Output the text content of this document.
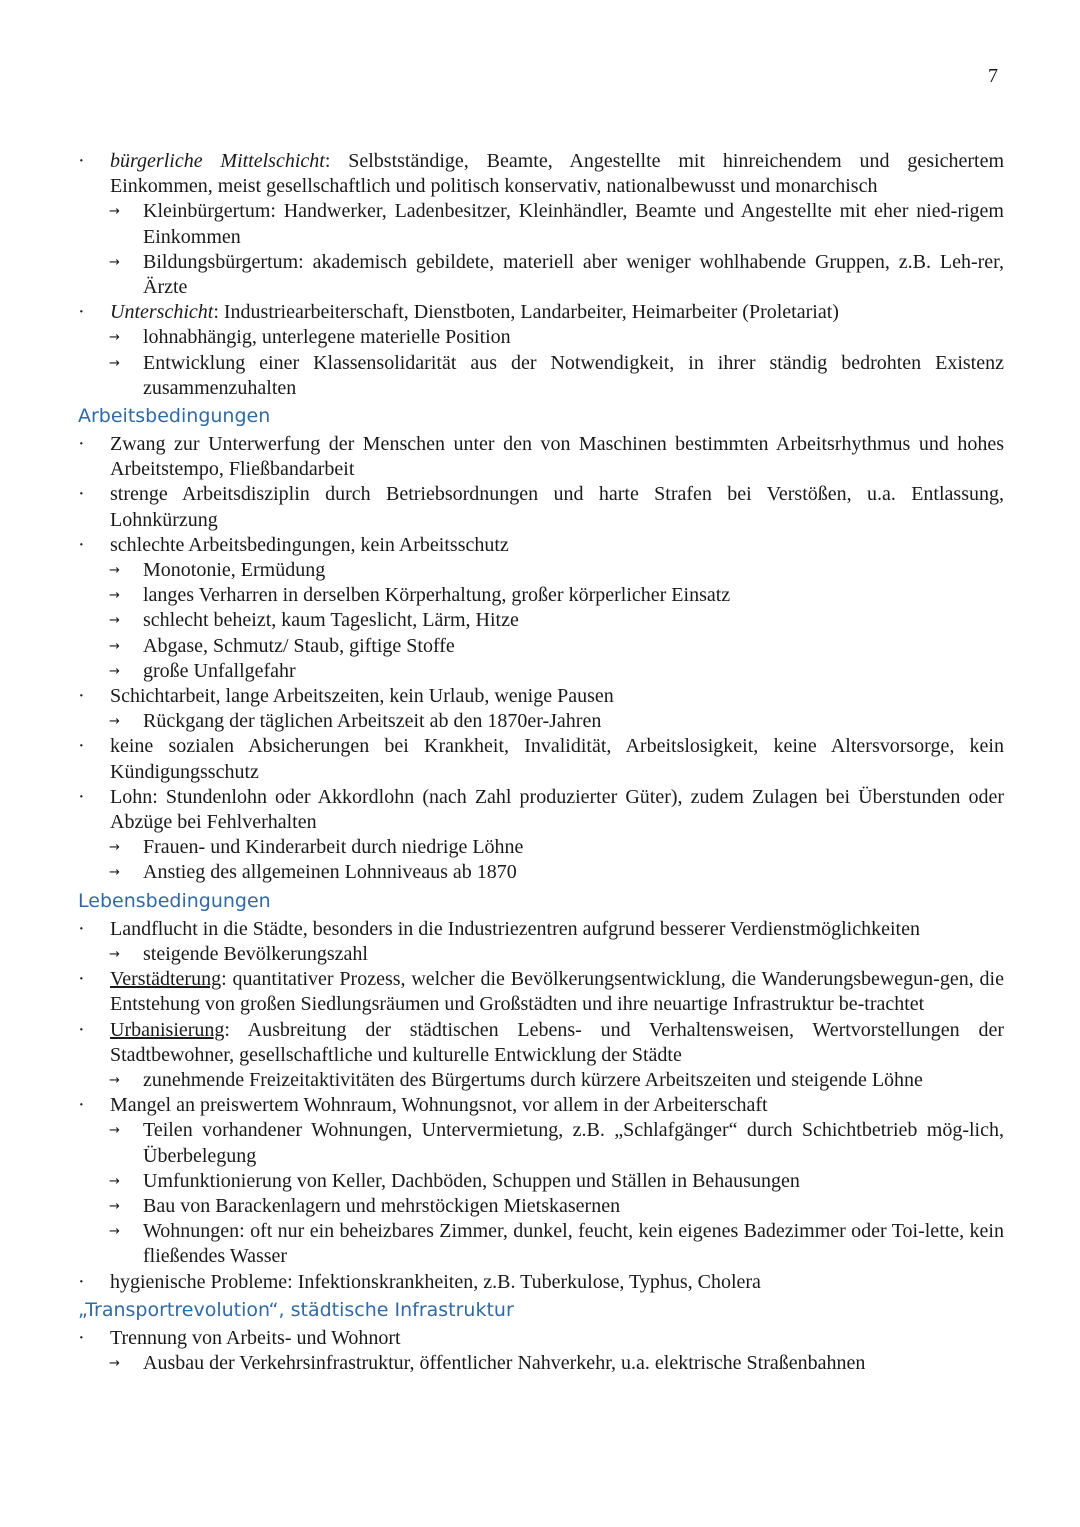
7
· bürgerliche Mittelschicht: Selbstständige, Beamte, Angestellte mit hinreichendem und gesichertem Einkommen, meist gesellschaftlich und politisch konservativ, nationalbewusst und monarchisch
→ Kleinbürgertum: Handwerker, Ladenbesitzer, Kleinhändler, Beamte und Angestellte mit eher nied-rigem Einkommen
→ Bildungsbürgertum: akademisch gebildete, materiell aber weniger wohlhabende Gruppen, z.B. Leh-rer, Ärzte
· Unterschicht: Industriearbeiterschaft, Dienstboten, Landarbeiter, Heimarbeiter (Proletariat)
→ lohnabhängig, unterlegene materielle Position
→ Entwicklung einer Klassensolidarität aus der Notwendigkeit, in ihrer ständig bedrohten Existenz zusammenzuhalten
Arbeitsbedingungen
· Zwang zur Unterwerfung der Menschen unter den von Maschinen bestimmten Arbeitsrhythmus und hohes Arbeitstempo, Fließbandarbeit
· strenge Arbeitsdisziplin durch Betriebsordnungen und harte Strafen bei Verstößen, u.a. Entlassung, Lohnkürzung
· schlechte Arbeitsbedingungen, kein Arbeitsschutz
→ Monotonie, Ermüdung
→ langes Verharren in derselben Körperhaltung, großer körperlicher Einsatz
→ schlecht beheizt, kaum Tageslicht, Lärm, Hitze
→ Abgase, Schmutz/ Staub, giftige Stoffe
→ große Unfallgefahr
· Schichtarbeit, lange Arbeitszeiten, kein Urlaub, wenige Pausen
→ Rückgang der täglichen Arbeitszeit ab den 1870er-Jahren
· keine sozialen Absicherungen bei Krankheit, Invalidität, Arbeitslosigkeit, keine Altersvorsorge, kein Kündigungsschutz
· Lohn: Stundenlohn oder Akkordlohn (nach Zahl produzierter Güter), zudem Zulagen bei Überstunden oder Abzüge bei Fehlverhalten
→ Frauen- und Kinderarbeit durch niedrige Löhne
→ Anstieg des allgemeinen Lohnniveaus ab 1870
Lebensbedingungen
· Landflucht in die Städte, besonders in die Industriezentren aufgrund besserer Verdienstmöglichkeiten
→ steigende Bevölkerungszahl
· Verstädterung: quantitativer Prozess, welcher die Bevölkerungsentwicklung, die Wanderungsbewegun-gen, die Entstehung von großen Siedlungsräumen und Großstädten und ihre neuartige Infrastruktur be-trachtet
· Urbanisierung: Ausbreitung der städtischen Lebens- und Verhaltensweisen, Wertvorstellungen der Stadtbewohner, gesellschaftliche und kulturelle Entwicklung der Städte
→ zunehmende Freizeitaktivitäten des Bürgertums durch kürzere Arbeitszeiten und steigende Löhne
· Mangel an preiswertem Wohnraum, Wohnungsnot, vor allem in der Arbeiterschaft
→ Teilen vorhandener Wohnungen, Untervermietung, z.B. „Schlafgänger“ durch Schichtbetrieb mög-lich, Überbelegung
→ Umfunktionierung von Keller, Dachböden, Schuppen und Ställen in Behausungen
→ Bau von Barackenlagern und mehrstöckigen Mietskasernen
→ Wohnungen: oft nur ein beheizbares Zimmer, dunkel, feucht, kein eigenes Badezimmer oder Toi-lette, kein fließendes Wasser
· hygienische Probleme: Infektionskrankheiten, z.B. Tuberkulose, Typhus, Cholera
„Transportrevolution“, städtische Infrastruktur
· Trennung von Arbeits- und Wohnort
→ Ausbau der Verkehrsinfrastruktur, öffentlicher Nahverkehr, u.a. elektrische Straßenbahnen
